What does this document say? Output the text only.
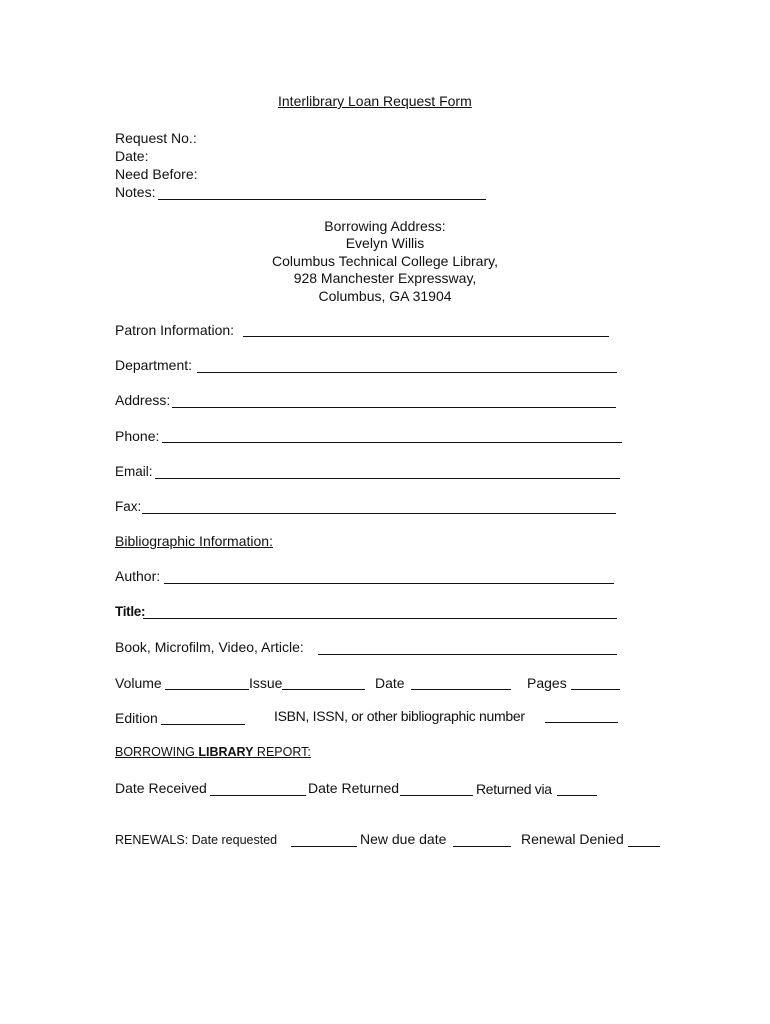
Interlibrary Loan Request Form
Request No.:
Date:
Need Before:
Notes:
Borrowing Address:
Evelyn Willis
Columbus Technical College Library,
928 Manchester Expressway,
Columbus, GA 31904
Patron Information:
Department:
Address:
Phone:
Email:
Fax:
Bibliographic Information:
Author:
Title:
Book, Microfilm, Video, Article:
Volume	Issue	Date	Pages
Edition	ISBN, ISSN, or other bibliographic number
BORROWING LIBRARY REPORT:
Date Received	Date Returned	Returned via
RENEWALS: Date requested	New due date	Renewal Denied
